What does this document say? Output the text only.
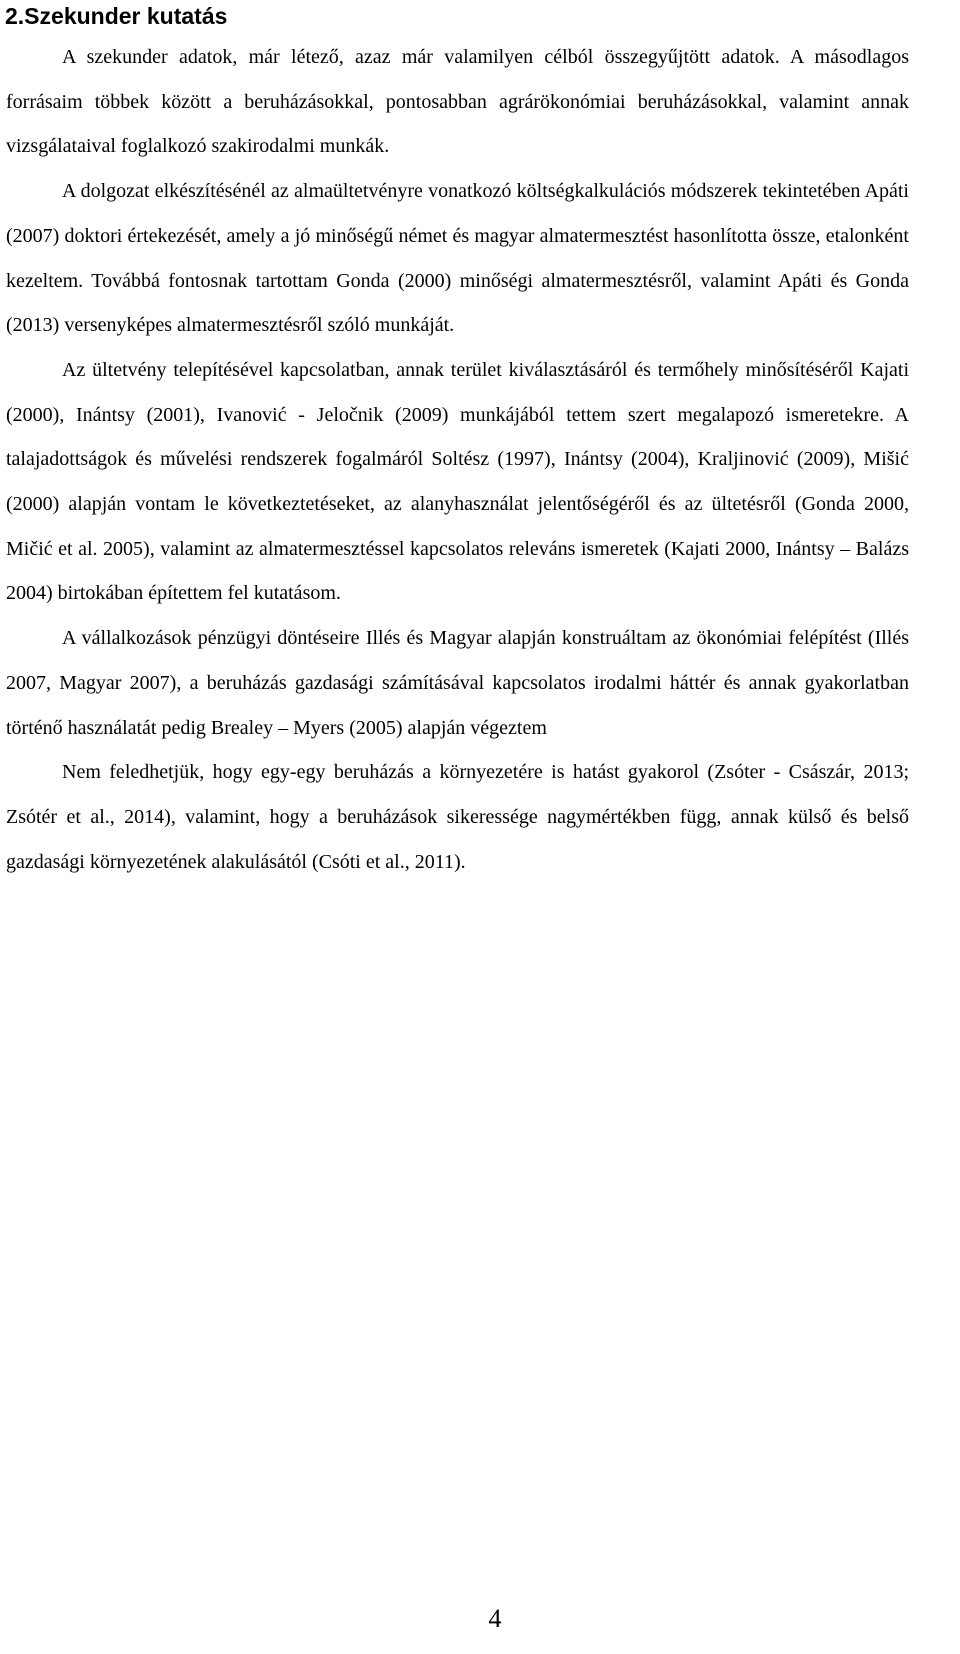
2.Szekunder kutatás

A szekunder adatok, már létező, azaz már valamilyen célból összegyűjtött adatok. A másodlagos forrásaim többek között a beruházásokkal, pontosabban agrárökonómiai beruházásokkal, valamint annak vizsgálataival foglalkozó szakirodalmi munkák.

A dolgozat elkészítésénél az almaültetvényre vonatkozó költségkalkulációs módszerek tekintetében Apáti (2007) doktori értekezését, amely a jó minőségű német és magyar almatermesztést hasonlította össze, etalonként kezeltem. Továbbá fontosnak tartottam Gonda (2000) minőségi almatermesztésről, valamint Apáti és Gonda (2013) versenyképes almatermesztésről szóló munkáját.

Az ültetvény telepítésével kapcsolatban, annak terület kiválasztásáról és termőhely minősítéséről Kajati (2000), Inántsy (2001), Ivanović - Jeločnik (2009) munkájából tettem szert megalapozó ismeretekre. A talajadottságok és művelési rendszerek fogalmáról Soltész (1997), Inántsy (2004), Kraljinović (2009), Mišić (2000) alapján vontam le következtetéseket, az alanyhasználat jelentőségéről és az ültetésről (Gonda 2000, Mičić et al. 2005), valamint az almatermesztéssel kapcsolatos releváns ismeretek (Kajati 2000, Inántsy – Balázs 2004) birtokában építettem fel kutatásom.

A vállalkozások pénzügyi döntéseire Illés és Magyar alapján konstruáltam az ökonómiai felépítést (Illés 2007, Magyar 2007), a beruházás gazdasági számításával kapcsolatos irodalmi háttér és annak gyakorlatban történő használatát pedig Brealey – Myers (2005) alapján végeztem

Nem feledhetjük, hogy egy-egy beruházás a környezetére is hatást gyakorol (Zsóter - Császár, 2013; Zsótér et al., 2014), valamint, hogy a beruházások sikeressége nagymértékben függ, annak külső és belső gazdasági környezetének alakulásától (Csóti et al., 2011).

4
